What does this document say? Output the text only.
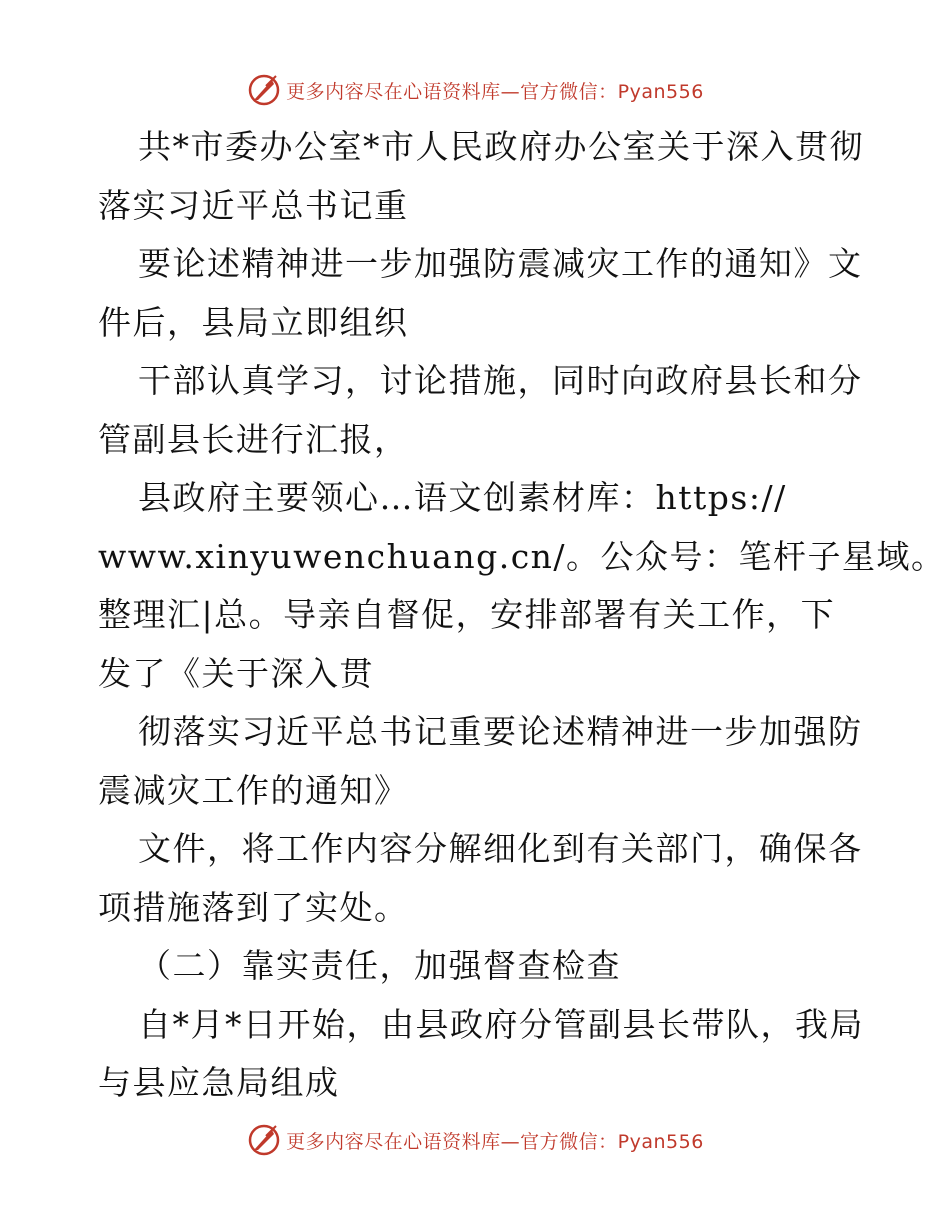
更多内容尽在心语资料库—官方微信：Pyan556
共*市委办公室*市人民政府办公室关于深入贯彻
落实习近平总书记重
要论述精神进一步加强防震减灾工作的通知》文
件后，县局立即组织
干部认真学习，讨论措施，同时向政府县长和分
管副县长进行汇报，
县政府主要领心…语文创素材库：https://
www.xinyuwenchuang.cn/。公众号：笔杆子星域。
整理汇|总。导亲自督促，安排部署有关工作，下
发了《关于深入贯
彻落实习近平总书记重要论述精神进一步加强防
震减灾工作的通知》
文件，将工作内容分解细化到有关部门，确保各
项措施落到了实处。
（二）靠实责任，加强督查检查
自*月*日开始，由县政府分管副县长带队，我局
与县应急局组成
更多内容尽在心语资料库—官方微信：Pyan556
